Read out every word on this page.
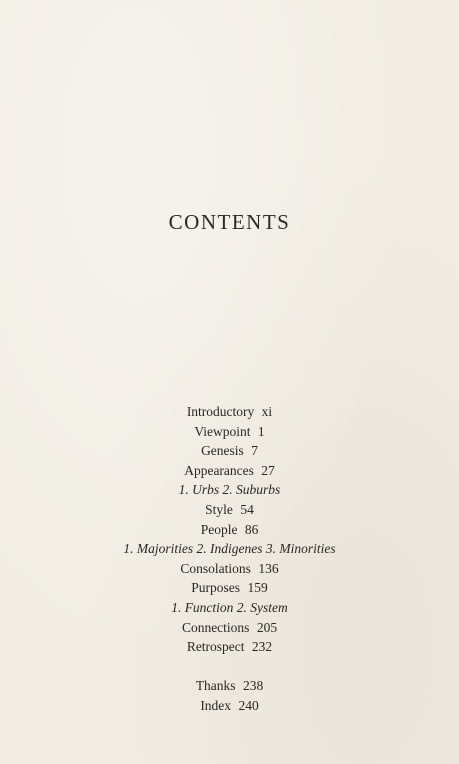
CONTENTS
Introductory xi
Viewpoint 1
Genesis 7
Appearances 27
1. Urbs 2. Suburbs
Style 54
People 86
1. Majorities 2. Indigenes 3. Minorities
Consolations 136
Purposes 159
1. Function 2. System
Connections 205
Retrospect 232
Thanks 238
Index 240
